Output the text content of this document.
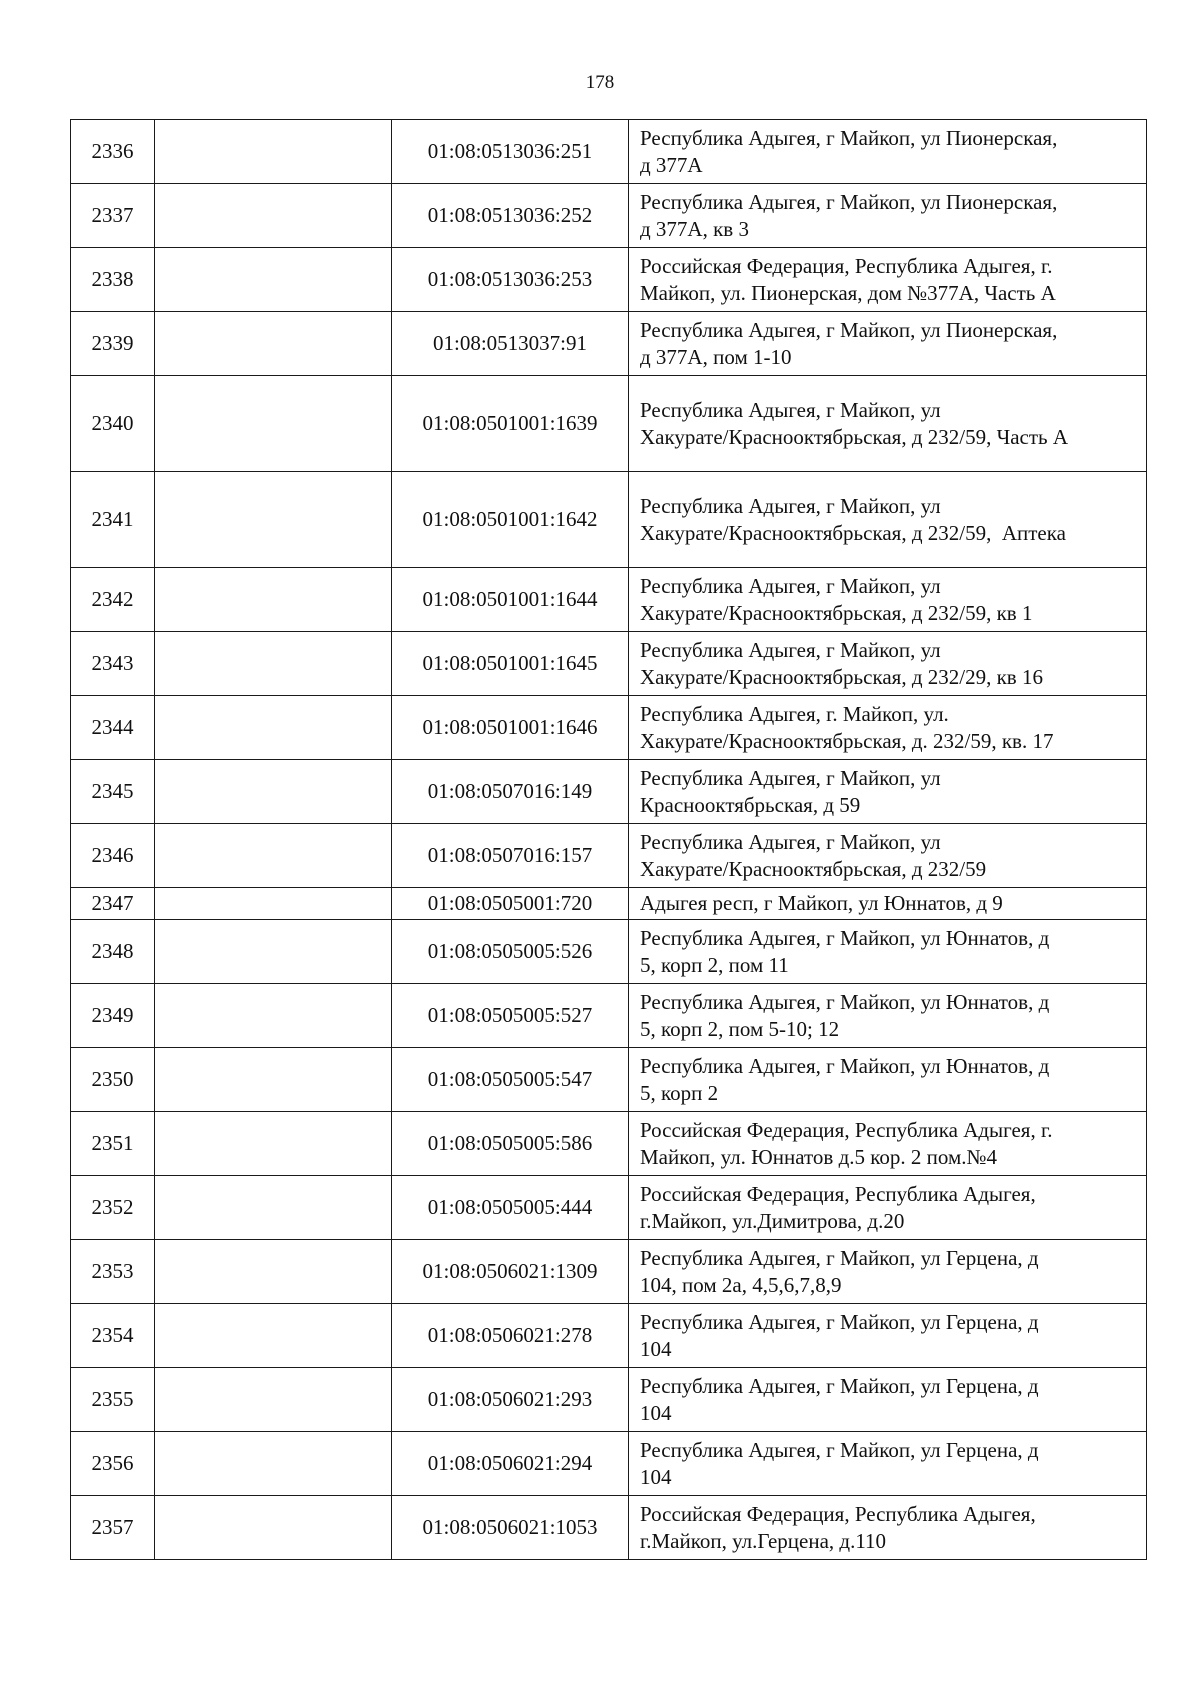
178
2336		01:08:0513036:251	Республика Адыгея, г Майкоп, ул Пионерская,
д 377А
2337		01:08:0513036:252	Республика Адыгея, г Майкоп, ул Пионерская,
д 377А, кв 3
2338		01:08:0513036:253	Российская Федерация, Республика Адыгея, г.
Майкоп, ул. Пионерская, дом №377А, Часть А
2339		01:08:0513037:91	Республика Адыгея, г Майкоп, ул Пионерская,
д 377А, пом 1-10
2340		01:08:0501001:1639	Республика Адыгея, г Майкоп, ул
Хакурате/Краснооктябрьская, д 232/59, Часть А
2341		01:08:0501001:1642	Республика Адыгея, г Майкоп, ул
Хакурате/Краснооктябрьская, д 232/59,  Аптека
2342		01:08:0501001:1644	Республика Адыгея, г Майкоп, ул
Хакурате/Краснооктябрьская, д 232/59, кв 1
2343		01:08:0501001:1645	Республика Адыгея, г Майкоп, ул
Хакурате/Краснооктябрьская, д 232/29, кв 16
2344		01:08:0501001:1646	Республика Адыгея, г. Майкоп, ул.
Хакурате/Краснооктябрьская, д. 232/59, кв. 17
2345		01:08:0507016:149	Республика Адыгея, г Майкоп, ул
Краснооктябрьская, д 59
2346		01:08:0507016:157	Республика Адыгея, г Майкоп, ул
Хакурате/Краснооктябрьская, д 232/59
2347		01:08:0505001:720	Адыгея респ, г Майкоп, ул Юннатов, д 9
2348		01:08:0505005:526	Республика Адыгея, г Майкоп, ул Юннатов, д
5, корп 2, пом 11
2349		01:08:0505005:527	Республика Адыгея, г Майкоп, ул Юннатов, д
5, корп 2, пом 5-10; 12
2350		01:08:0505005:547	Республика Адыгея, г Майкоп, ул Юннатов, д
5, корп 2
2351		01:08:0505005:586	Российская Федерация, Республика Адыгея, г.
Майкоп, ул. Юннатов д.5 кор. 2 пом.№4
2352		01:08:0505005:444	Российская Федерация, Республика Адыгея,
г.Майкоп, ул.Димитрова, д.20
2353		01:08:0506021:1309	Республика Адыгея, г Майкоп, ул Герцена, д
104, пом 2а, 4,5,6,7,8,9
2354		01:08:0506021:278	Республика Адыгея, г Майкоп, ул Герцена, д
104
2355		01:08:0506021:293	Республика Адыгея, г Майкоп, ул Герцена, д
104
2356		01:08:0506021:294	Республика Адыгея, г Майкоп, ул Герцена, д
104
2357		01:08:0506021:1053	Российская Федерация, Республика Адыгея,
г.Майкоп, ул.Герцена, д.110
